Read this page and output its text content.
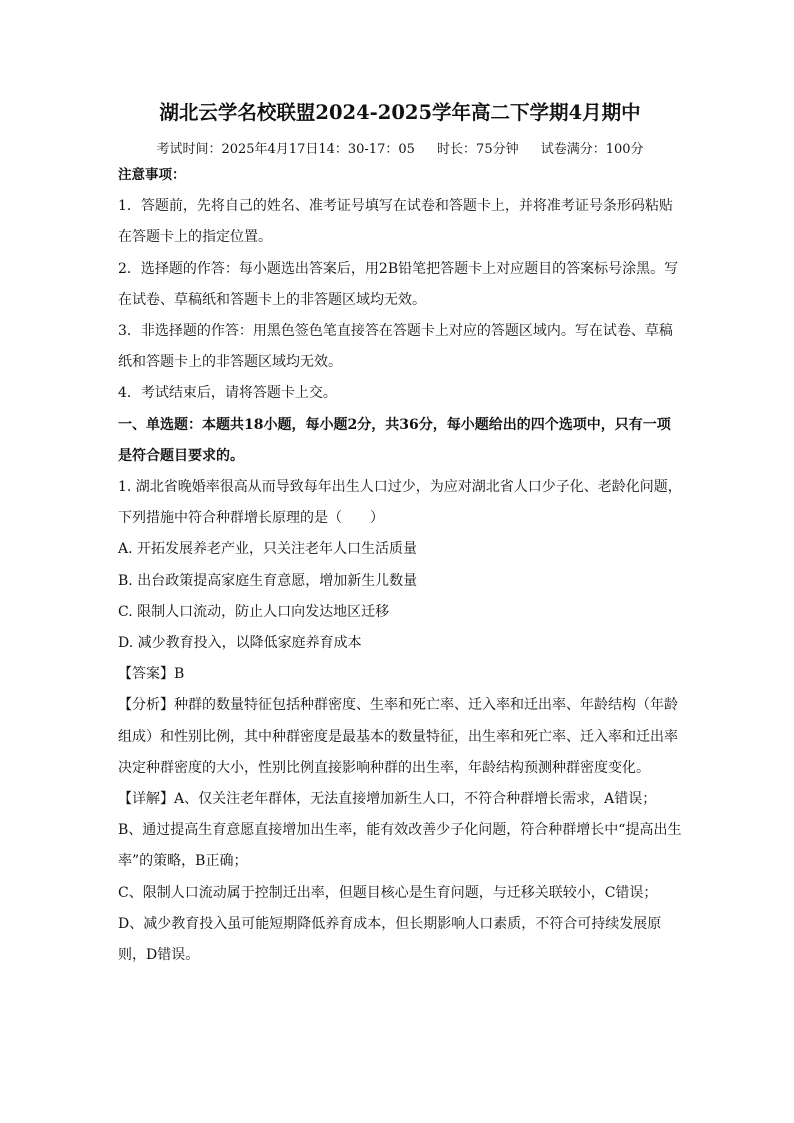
湖北云学名校联盟2024-2025学年高二下学期4月期中
考试时间：2025年4月17日14：30-17：05 时长：75分钟 试卷满分：100分

注意事项：

1．答题前，先将自己的姓名、准考证号填写在试卷和答题卡上，并将准考证号条形码粘贴在答题卡上的指定位置。

2．选择题的作答：每小题选出答案后，用2B铅笔把答题卡上对应题目的答案标号涂黑。写在试卷、草稿纸和答题卡上的非答题区域均无效。

3．非选择题的作答：用黑色签色笔直接答在答题卡上对应的答题区域内。写在试卷、草稿纸和答题卡上的非答题区域均无效。

4．考试结束后，请将答题卡上交。

一、单选题：本题共18小题，每小题2分，共36分，每小题给出的四个选项中，只有一项是符合题目要求的。

1. 湖北省晚婚率很高从而导致每年出生人口过少，为应对湖北省人口少子化、老龄化问题，下列措施中符合种群增长原理的是（　　）

A. 开拓发展养老产业，只关注老年人口生活质量

B. 出台政策提高家庭生育意愿，增加新生儿数量

C. 限制人口流动，防止人口向发达地区迁移

D. 减少教育投入，以降低家庭养育成本

【答案】B

【分析】种群的数量特征包括种群密度、生率和死亡率、迁入率和迁出率、年龄结构（年龄组成）和性别比例，其中种群密度是最基本的数量特征，出生率和死亡率、迁入率和迁出率决定种群密度的大小，性别比例直接影响种群的出生率，年龄结构预测种群密度变化。

【详解】A、仅关注老年群体，无法直接增加新生人口，不符合种群增长需求，A错误；

B、通过提高生育意愿直接增加出生率，能有效改善少子化问题，符合种群增长中“提高出生率”的策略，B正确；

C、限制人口流动属于控制迁出率，但题目核心是生育问题，与迁移关联较小，C错误；

D、减少教育投入虽可能短期降低养育成本，但长期影响人口素质，不符合可持续发展原则，D错误。
